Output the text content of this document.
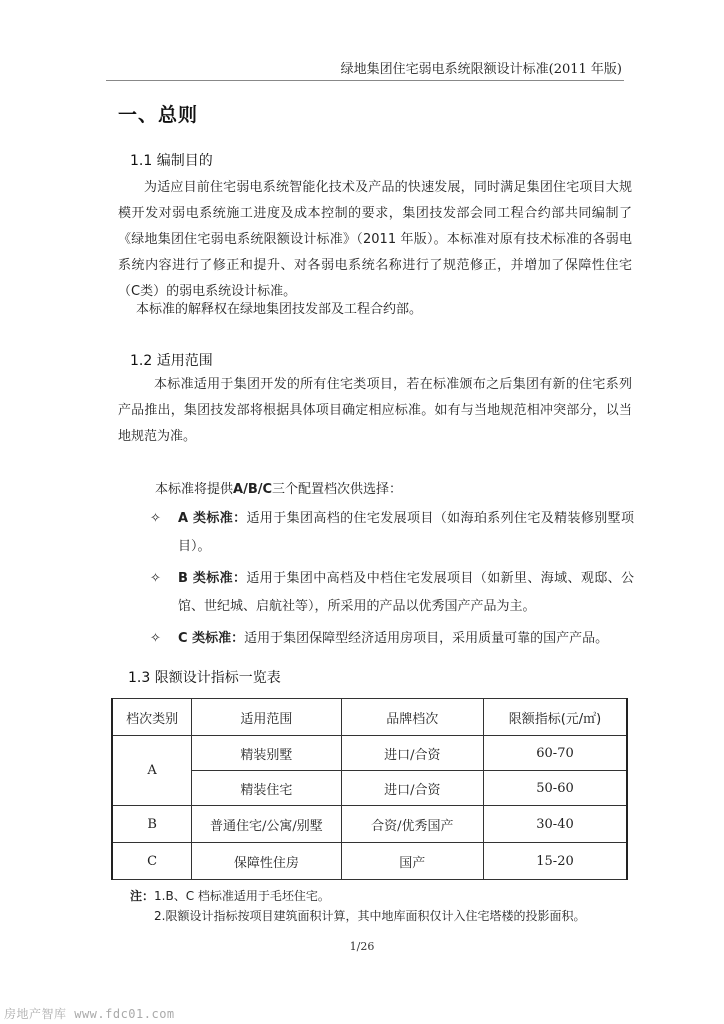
绿地集团住宅弱电系统限额设计标准(2011 年版)
一、总则
1.1 编制目的
为适应目前住宅弱电系统智能化技术及产品的快速发展，同时满足集团住宅项目大规模开发对弱电系统施工进度及成本控制的要求，集团技发部会同工程合约部共同编制了《绿地集团住宅弱电系统限额设计标准》（2011 年版）。本标准对原有技术标准的各弱电系统内容进行了修正和提升、对各弱电系统名称进行了规范修正，并增加了保障性住宅（C类）的弱电系统设计标准。
本标准的解释权在绿地集团技发部及工程合约部。
1.2 适用范围
本标准适用于集团开发的所有住宅类项目，若在标准颁布之后集团有新的住宅系列产品推出，集团技发部将根据具体项目确定相应标准。如有与当地规范相冲突部分，以当地规范为准。
本标准将提供A/B/C三个配置档次供选择：
✧ A 类标准：适用于集团高档的住宅发展项目（如海珀系列住宅及精装修别墅项目）。
✧ B 类标准：适用于集团中高档及中档住宅发展项目（如新里、海域、观邸、公馆、世纪城、启航社等），所采用的产品以优秀国产产品为主。
✧ C 类标准：适用于集团保障型经济适用房项目，采用质量可靠的国产产品。
1.3 限额设计指标一览表
档次类别	适用范围	品牌档次	限额指标(元/㎡)
A	精装别墅	进口/合资	60-70
	精装住宅	进口/合资	50-60
B	普通住宅/公寓/别墅	合资/优秀国产	30-40
C	保障性住房	国产	15-20
注：1.B、C 档标准适用于毛坯住宅。
2.限额设计指标按项目建筑面积计算，其中地库面积仅计入住宅塔楼的投影面积。
1/26
房地产智库 www.fdc01.com
